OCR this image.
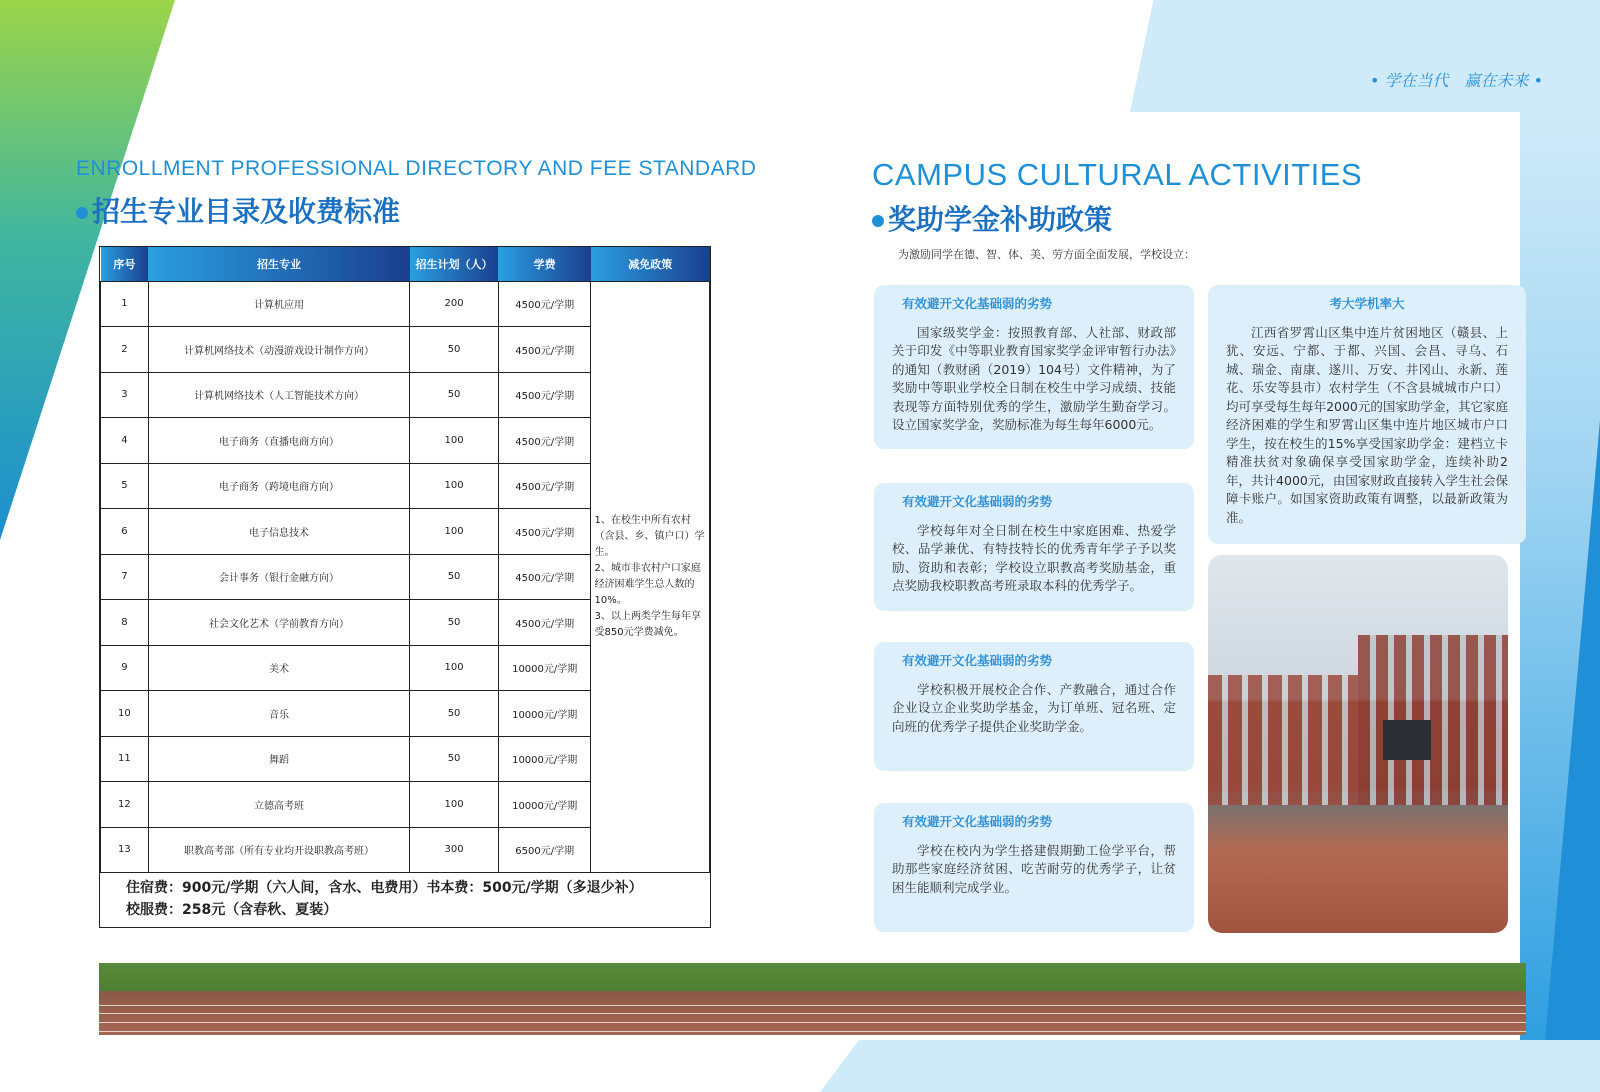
• 学在当代　赢在未来 •
ENROLLMENT PROFESSIONAL DIRECTORY AND FEE STANDARD
招生专业目录及收费标准
序号	招生专业	招生计划（人）	学费	减免政策
1	计算机应用	200	4500元/学期	1、在校生中所有农村（含县、乡、镇户口）学生。
2、城市非农村户口家庭经济困难学生总人数的10%。
3、以上两类学生每年享受850元学费减免。
2	计算机网络技术（动漫游戏设计制作方向）	50	4500元/学期	
3	计算机网络技术（人工智能技术方向）	50	4500元/学期	
4	电子商务（直播电商方向）	100	4500元/学期	
5	电子商务（跨境电商方向）	100	4500元/学期	
6	电子信息技术	100	4500元/学期	
7	会计事务（银行金融方向）	50	4500元/学期	
8	社会文化艺术（学前教育方向）	50	4500元/学期	
9	美术	100	10000元/学期	
10	音乐	50	10000元/学期	
11	舞蹈	50	10000元/学期	
12	立德高考班	100	10000元/学期	
13	职教高考部（所有专业均开设职教高考班）	300	6500元/学期	
住宿费：900元/学期（六人间，含水、电费用）书本费：500元/学期（多退少补）
校服费：258元（含春秋、夏装）
CAMPUS CULTURAL ACTIVITIES
奖助学金补助政策
为激励同学在德、智、体、美、劳方面全面发展，学校设立：
有效避开文化基础弱的劣势
国家级奖学金：按照教育部、人社部、财政部关于印发《中等职业教育国家奖学金评审暂行办法》的通知（教财函（2019）104号）文件精神，为了奖励中等职业学校全日制在校生中学习成绩、技能表现等方面特别优秀的学生，激励学生勤奋学习。设立国家奖学金，奖励标准为每生每年6000元。
有效避开文化基础弱的劣势
学校每年对全日制在校生中家庭困难、热爱学校、品学兼优、有特技特长的优秀青年学子予以奖励、资助和表彰；学校设立职教高考奖励基金，重点奖励我校职教高考班录取本科的优秀学子。
有效避开文化基础弱的劣势
学校积极开展校企合作、产教融合，通过合作企业设立企业奖助学基金，为订单班、冠名班、定向班的优秀学子提供企业奖助学金。
有效避开文化基础弱的劣势
学校在校内为学生搭建假期勤工俭学平台，帮助那些家庭经济贫困、吃苦耐劳的优秀学子，让贫困生能顺利完成学业。
考大学机率大
江西省罗霄山区集中连片贫困地区（赣县、上犹、安远、宁都、于都、兴国、会昌、寻乌、石城、瑞金、南康、遂川、万安、井冈山、永新、莲花、乐安等县市）农村学生（不含县城城市户口）均可享受每生每年2000元的国家助学金，其它家庭经济困难的学生和罗霄山区集中连片地区城市户口学生，按在校生的15%享受国家助学金：建档立卡精准扶贫对象确保享受国家助学金，连续补助2年，共计4000元，由国家财政直接转入学生社会保障卡账户。如国家资助政策有调整，以最新政策为准。
